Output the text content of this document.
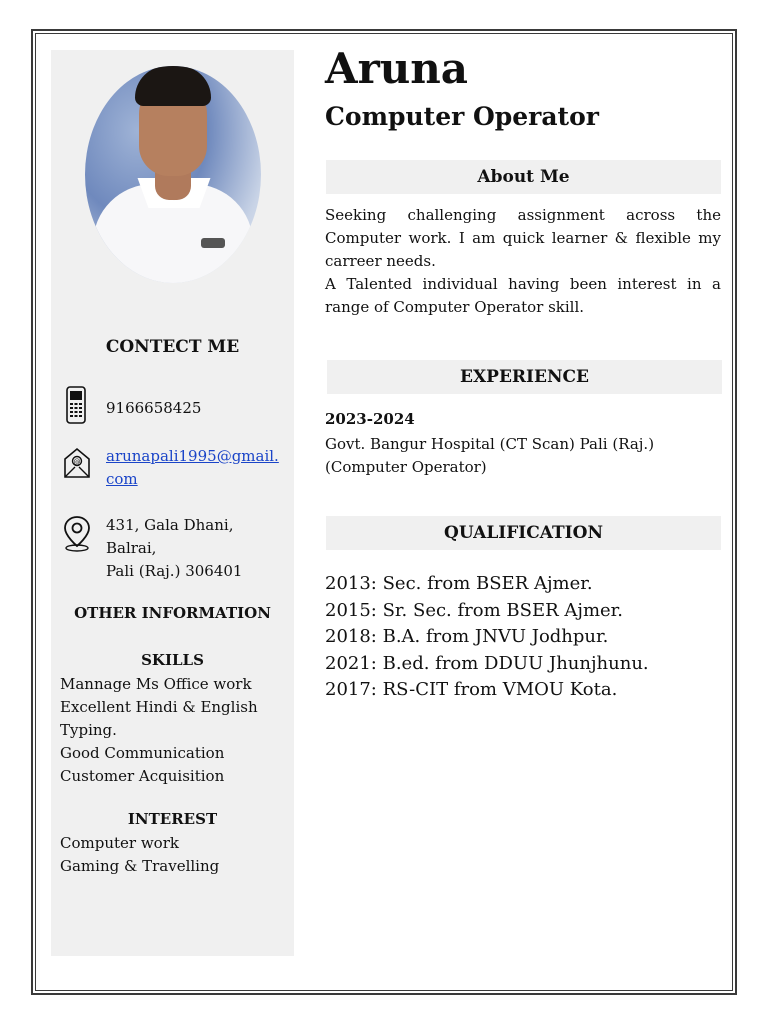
CONTECT ME
9166658425
@ arunapali1995@gmail.
com
431, Gala Dhani, Balrai,
Pali (Raj.) 306401
OTHER INFORMATION
SKILLS
Mannage Ms Office work
Excellent Hindi & English
Typing.
Good Communication
Customer Acquisition
INTEREST
Computer work
Gaming & Travelling
Aruna
Computer Operator
About Me

Seeking challenging assignment across the Computer work. I am quick learner & flexible my carreer needs.

A Talented individual having been interest in a range of Computer Operator skill.

EXPERIENCE
2023-2024
Govt. Bangur Hospital (CT Scan) Pali (Raj.)
(Computer Operator)
QUALIFICATION
2013: Sec. from BSER Ajmer.
2015: Sr. Sec. from BSER Ajmer.
2018: B.A. from JNVU Jodhpur.
2021: B.ed. from DDUU Jhunjhunu.
2017: RS-CIT from VMOU Kota.
